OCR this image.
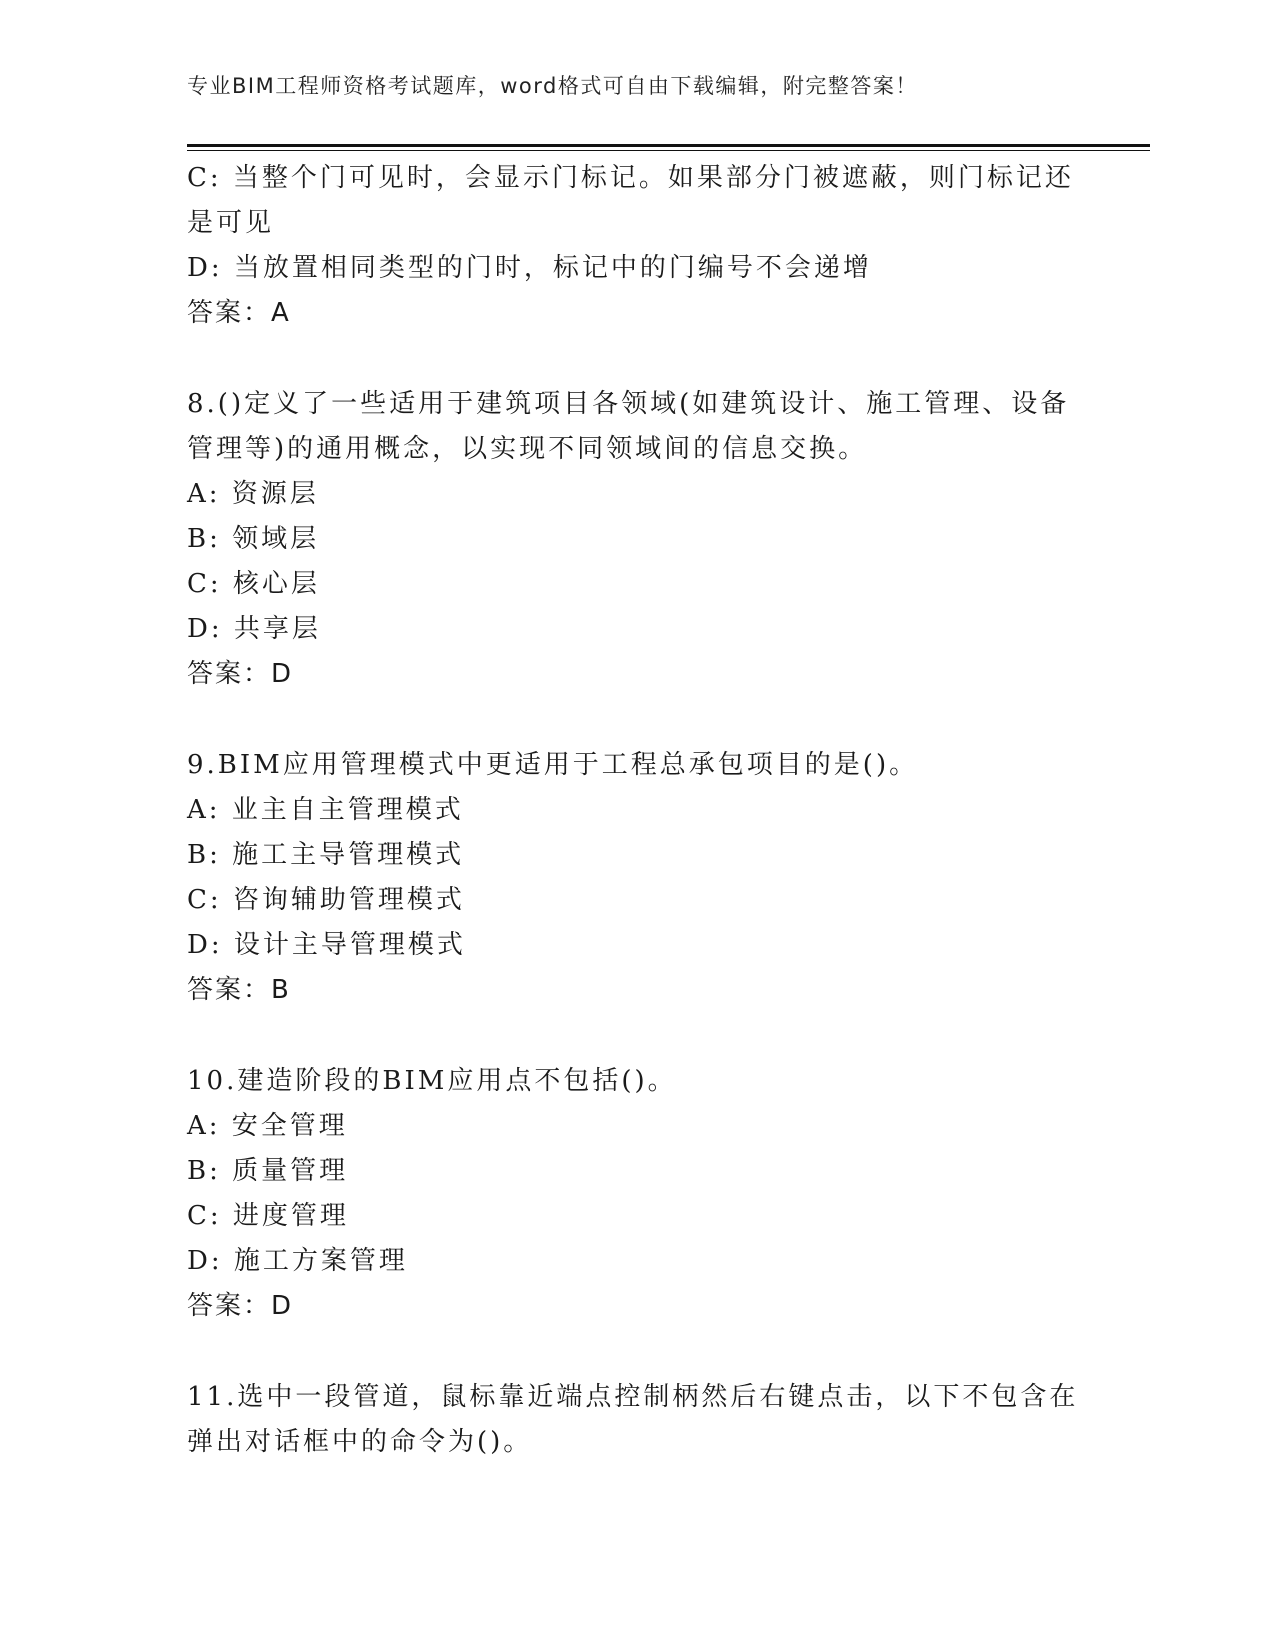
专业BIM工程师资格考试题库，word格式可自由下载编辑，附完整答案！
C: 当整个门可见时，会显示门标记。如果部分门被遮蔽，则门标记还
是可见
D: 当放置相同类型的门时，标记中的门编号不会递增
答案：A
8.()定义了一些适用于建筑项目各领域(如建筑设计、施工管理、设备
管理等)的通用概念，以实现不同领域间的信息交换。
A: 资源层
B: 领域层
C: 核心层
D: 共享层
答案：D
9.BIM应用管理模式中更适用于工程总承包项目的是()。
A: 业主自主管理模式
B: 施工主导管理模式
C: 咨询辅助管理模式
D: 设计主导管理模式
答案：B
10.建造阶段的BIM应用点不包括()。
A: 安全管理
B: 质量管理
C: 进度管理
D: 施工方案管理
答案：D
11.选中一段管道，鼠标靠近端点控制柄然后右键点击，以下不包含在
弹出对话框中的命令为()。
